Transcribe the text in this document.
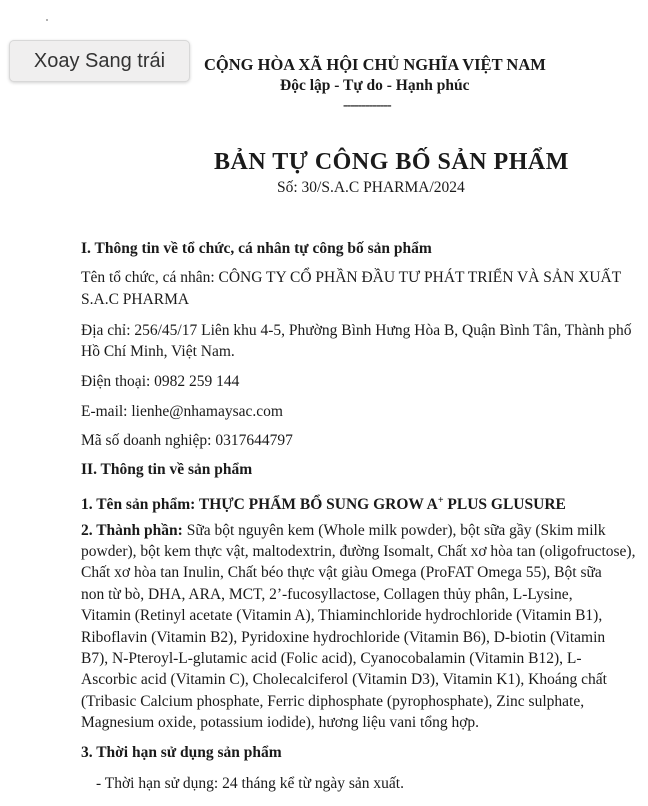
Xoay Sang trái	CỘNG HÒA XÃ HỘI CHỦ NGHĨA VIỆT NAM
Độc lập - Tự do - Hạnh phúc
-------------
BẢN TỰ CÔNG BỐ SẢN PHẨM
Số: 30/S.A.C PHARMA/2024
I. Thông tin về tổ chức, cá nhân tự công bố sản phẩm
Tên tổ chức, cá nhân: CÔNG TY CỔ PHẦN ĐẦU TƯ PHÁT TRIỂN VÀ SẢN XUẤT
S.A.C PHARMA
Địa chỉ: 256/45/17 Liên khu 4-5, Phường Bình Hưng Hòa B, Quận Bình Tân, Thành phố
Hồ Chí Minh, Việt Nam.
Điện thoại: 0982 259 144
E-mail: lienhe@nhamaysac.com
Mã số doanh nghiệp: 0317644797
II. Thông tin về sản phẩm
1. Tên sản phẩm: THỰC PHẨM BỔ SUNG GROW A+ PLUS GLUSURE
2. Thành phần: Sữa bột nguyên kem (Whole milk powder), bột sữa gầy (Skim milk
powder), bột kem thực vật, maltodextrin, đường Isomalt, Chất xơ hòa tan (oligofructose),
Chất xơ hòa tan Inulin, Chất béo thực vật giàu Omega (ProFAT Omega 55), Bột sữa
non từ bò, DHA, ARA, MCT, 2’-fucosyllactose, Collagen thủy phân, L-Lysine,
Vitamin (Retinyl acetate (Vitamin A), Thiaminchloride hydrochloride (Vitamin B1),
Riboflavin (Vitamin B2), Pyridoxine hydrochloride (Vitamin B6), D-biotin (Vitamin
B7), N-Pteroyl-L-glutamic acid (Folic acid), Cyanocobalamin (Vitamin B12), L-
Ascorbic acid (Vitamin C), Cholecalciferol (Vitamin D3), Vitamin K1), Khoáng chất
(Tribasic Calcium phosphate, Ferric diphosphate (pyrophosphate), Zinc sulphate,
Magnesium oxide, potassium iodide), hương liệu vani tổng hợp.
3. Thời hạn sử dụng sản phẩm
- Thời hạn sử dụng: 24 tháng kể từ ngày sản xuất.
